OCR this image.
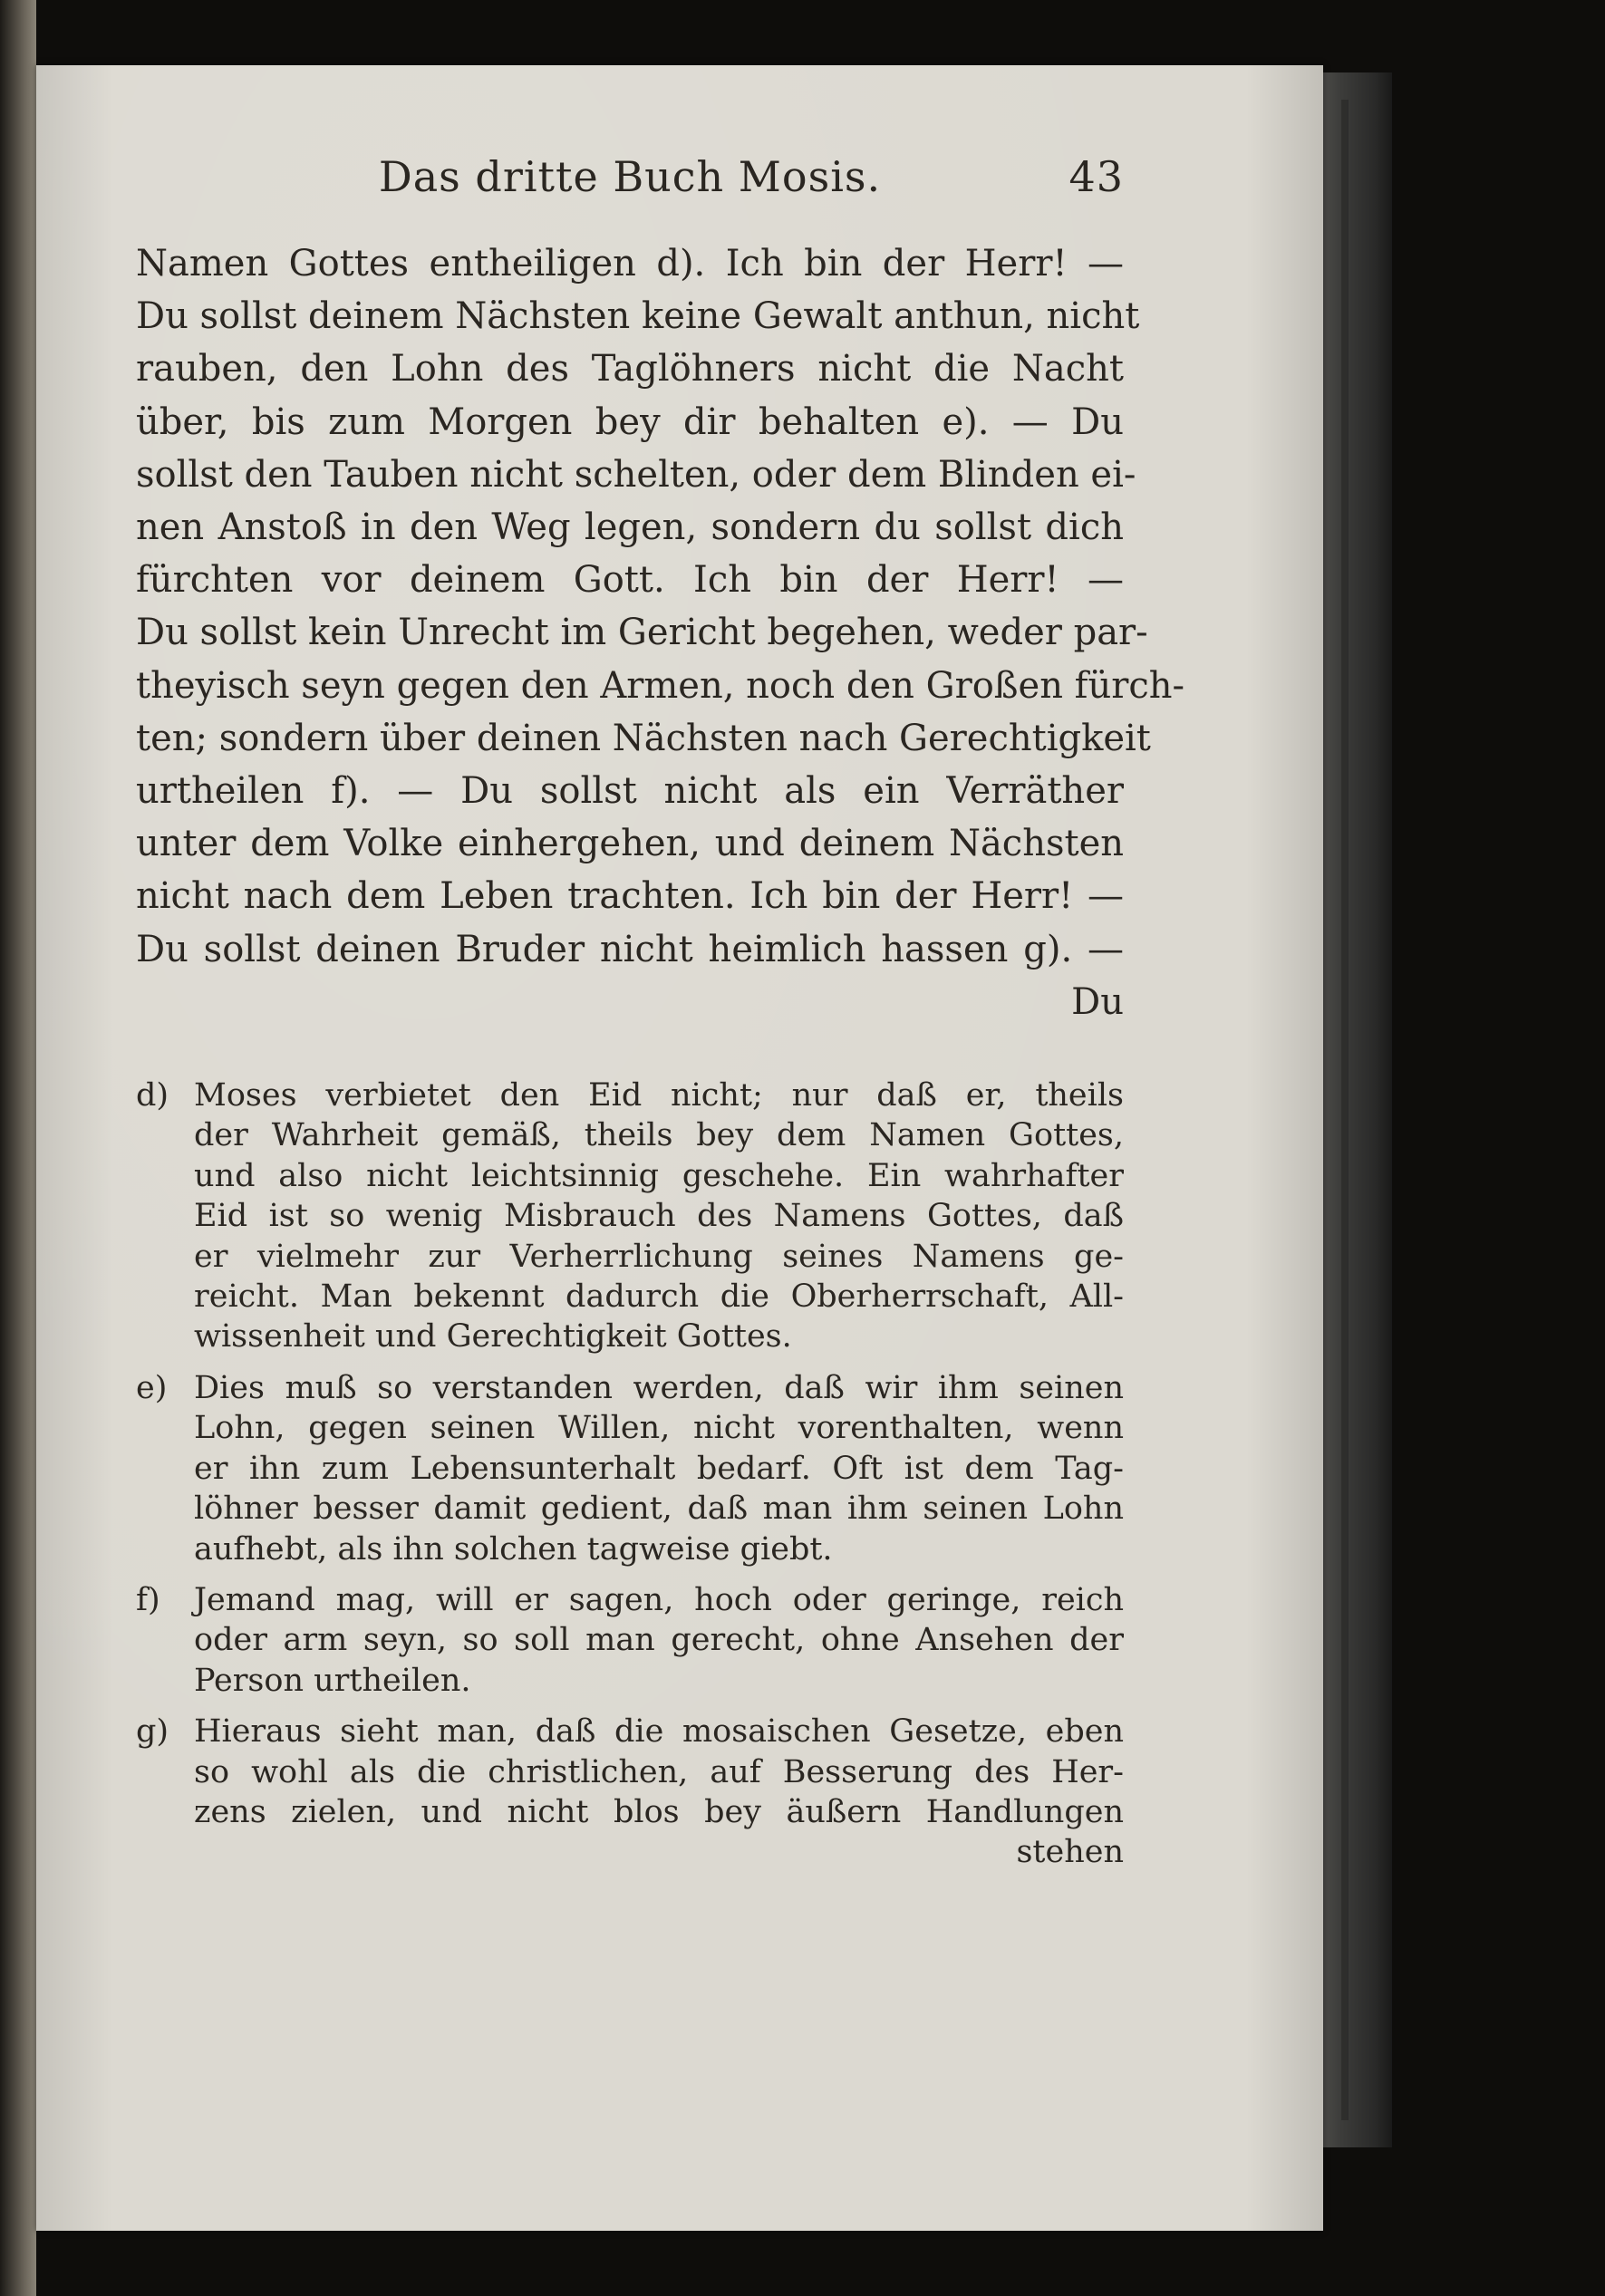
Das dritte Buch Mosis.	43
Namen Gottes entheiligen d). Ich bin der Herr! —
Du sollst deinem Nächsten keine Gewalt anthun, nicht
rauben, den Lohn des Taglöhners nicht die Nacht
über, bis zum Morgen bey dir behalten e). — Du
sollst den Tauben nicht schelten, oder dem Blinden ei-
nen Anstoß in den Weg legen, sondern du sollst dich
fürchten vor deinem Gott. Ich bin der Herr! —
Du sollst kein Unrecht im Gericht begehen, weder par-
theyisch seyn gegen den Armen, noch den Großen fürch-
ten; sondern über deinen Nächsten nach Gerechtigkeit
urtheilen f). — Du sollst nicht als ein Verräther
unter dem Volke einhergehen, und deinem Nächsten
nicht nach dem Leben trachten. Ich bin der Herr! —
Du sollst deinen Bruder nicht heimlich hassen g). —
Du
d) Moses verbietet den Eid nicht; nur daß er, theils
der Wahrheit gemäß, theils bey dem Namen Gottes,
und also nicht leichtsinnig geschehe. Ein wahrhafter
Eid ist so wenig Misbrauch des Namens Gottes, daß
er vielmehr zur Verherrlichung seines Namens ge-
reicht. Man bekennt dadurch die Oberherrschaft, All-
wissenheit und Gerechtigkeit Gottes.
e) Dies muß so verstanden werden, daß wir ihm seinen
Lohn, gegen seinen Willen, nicht vorenthalten, wenn
er ihn zum Lebensunterhalt bedarf. Oft ist dem Tag-
löhner besser damit gedient, daß man ihm seinen Lohn
aufhebt, als ihn solchen tagweise giebt.
f) Jemand mag, will er sagen, hoch oder geringe, reich
oder arm seyn, so soll man gerecht, ohne Ansehen der
Person urtheilen.
g) Hieraus sieht man, daß die mosaischen Gesetze, eben
so wohl als die christlichen, auf Besserung des Her-
zens zielen, und nicht blos bey äußern Handlungen
stehen
